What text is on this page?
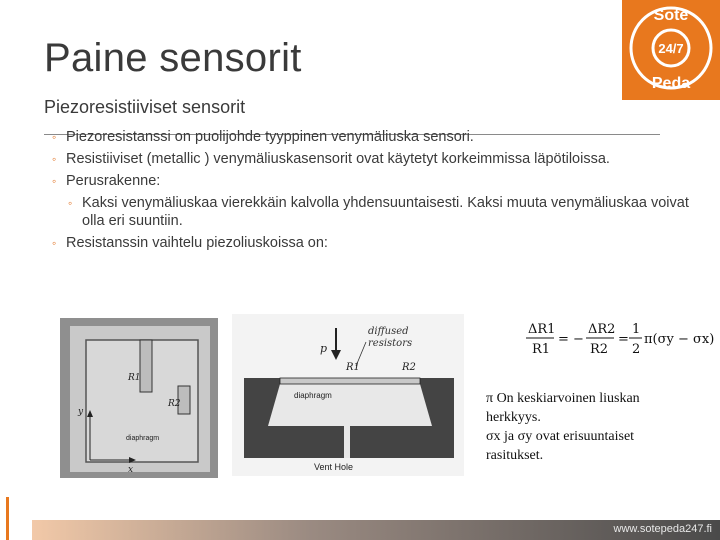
Paine sensorit
Piezoresistiiviset sensorit
Sote
24/7
Peda
◦ Piezoresistanssi on puolijohde tyyppinen venymäliuska sensori.
◦ Resistiiviset (metallic ) venymäliuskasensorit ovat käytetyt korkeimmissa läpötiloissa.
◦ Perusrakenne:
◦ Kaksi venymäliuskaa vierekkäin kalvolla yhdensuuntaisesti. Kaksi muuta venymäliuskaa voivat olla eri suuntiin.
◦ Resistanssin vaihtelu piezoliuskoissa on:
R1
R2
diaphragm
y
x
p
diffused
resistors
R1	R2
diaphragm
Vent Hole
ΔR1
R1
= −
ΔR2
R2
=
1
2
π(σy − σx)
π On keskiarvoinen liuskan
herkkyys.
σx ja σy ovat erisuuntaiset
rasitukset.
www.sotepeda247.fi
